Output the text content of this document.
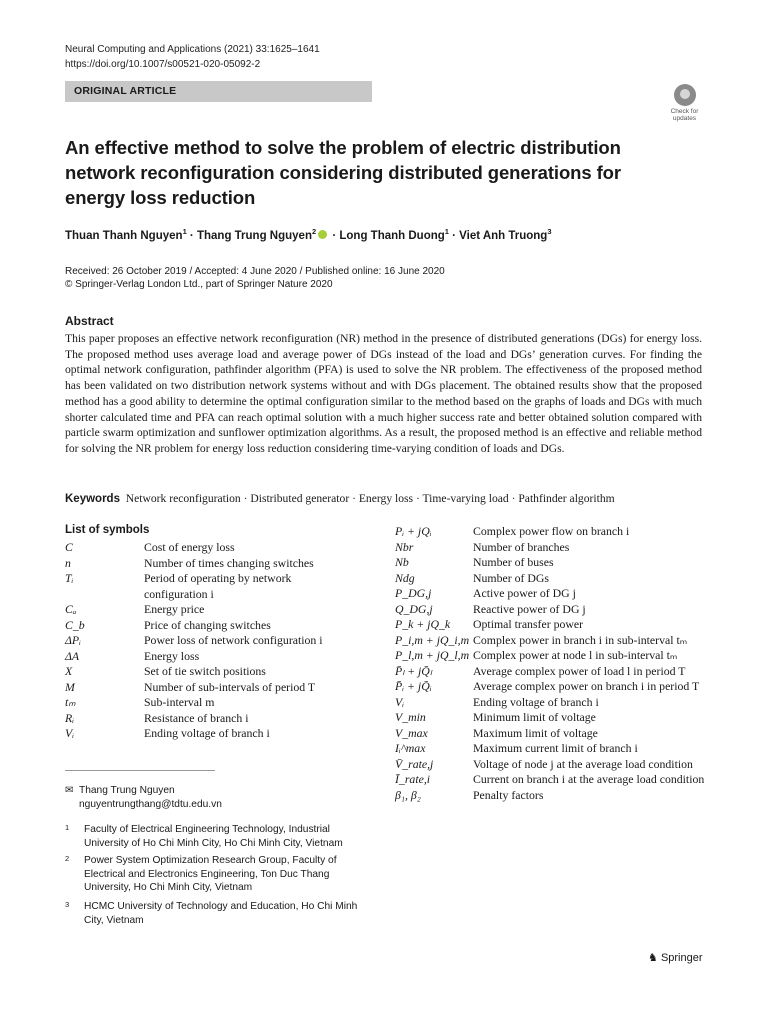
Neural Computing and Applications (2021) 33:1625–1641
https://doi.org/10.1007/s00521-020-05092-2
ORIGINAL ARTICLE
Check for updates
An effective method to solve the problem of electric distribution network reconfiguration considering distributed generations for energy loss reduction
Thuan Thanh Nguyen$^1$ · Thang Trung Nguyen$^2$ · Long Thanh Duong$^1$ · Viet Anh Truong$^3$
Received: 26 October 2019 / Accepted: 4 June 2020 / Published online: 16 June 2020
© Springer-Verlag London Ltd., part of Springer Nature 2020
Abstract
This paper proposes an effective network reconfiguration (NR) method in the presence of distributed generations (DGs) for energy loss. The proposed method uses average load and average power of DGs instead of the load and DGs’ generation curves. For finding the optimal network configuration, pathfinder algorithm (PFA) is used to solve the NR problem. The effectiveness of the proposed method has been validated on two distribution network systems without and with DGs placement. The obtained results show that the proposed method has a good ability to determine the optimal configuration similar to the method based on the graphs of loads and DGs with much shorter calculated time and PFA can reach optimal solution with a much higher success rate and better obtained solution compared with particle swarm optimization and sunflower optimization algorithms. As a result, the proposed method is an effective and reliable method for solving the NR problem for energy loss reduction considering time-varying condition of loads and DGs.
Keywords Network reconfiguration · Distributed generator · Energy loss · Time-varying load · Pathfinder algorithm
List of symbols
C	Cost of energy loss
n	Number of times changing switches
Tᵢ	Period of operating by network configuration i
Cₐ	Energy price
C_b	Price of changing switches
ΔPᵢ	Power loss of network configuration i
ΔA	Energy loss
X	Set of tie switch positions
M	Number of sub-intervals of period T
tₘ	Sub-interval m
Rᵢ	Resistance of branch i
Vᵢ	Ending voltage of branch i
Pᵢ + jQᵢ	Complex power flow on branch i
Nbr	Number of branches
Nb	Number of buses
Ndg	Number of DGs
P_DG,j	Active power of DG j
Q_DG,j	Reactive power of DG j
P_k + jQ_k	Optimal transfer power
P_i,m + jQ_i,m Complex power in branch i in sub-interval tₘ
P_l,m + jQ_l,m Complex power at node l in sub-interval tₘ
P̄ₗ + jQ̄ₗ	Average complex power of load l in period T
P̄ᵢ + jQ̄ᵢ	Average complex power on branch i in period T
Vᵢ	Ending voltage of branch i
V_min	Minimum limit of voltage
V_max	Maximum limit of voltage
Iᵢ^max	Maximum current limit of branch i
V̄_rate,j	Voltage of node j at the average load condition
Ī_rate,i	Current on branch i at the average load condition
β₁, β₂	Penalty factors
✉ Thang Trung Nguyen
nguyentrungthang@tdtu.edu.vn
1 Faculty of Electrical Engineering Technology, Industrial University of Ho Chi Minh City, Ho Chi Minh City, Vietnam
2 Power System Optimization Research Group, Faculty of Electrical and Electronics Engineering, Ton Duc Thang University, Ho Chi Minh City, Vietnam
3 HCMC University of Technology and Education, Ho Chi Minh City, Vietnam
♞ Springer
